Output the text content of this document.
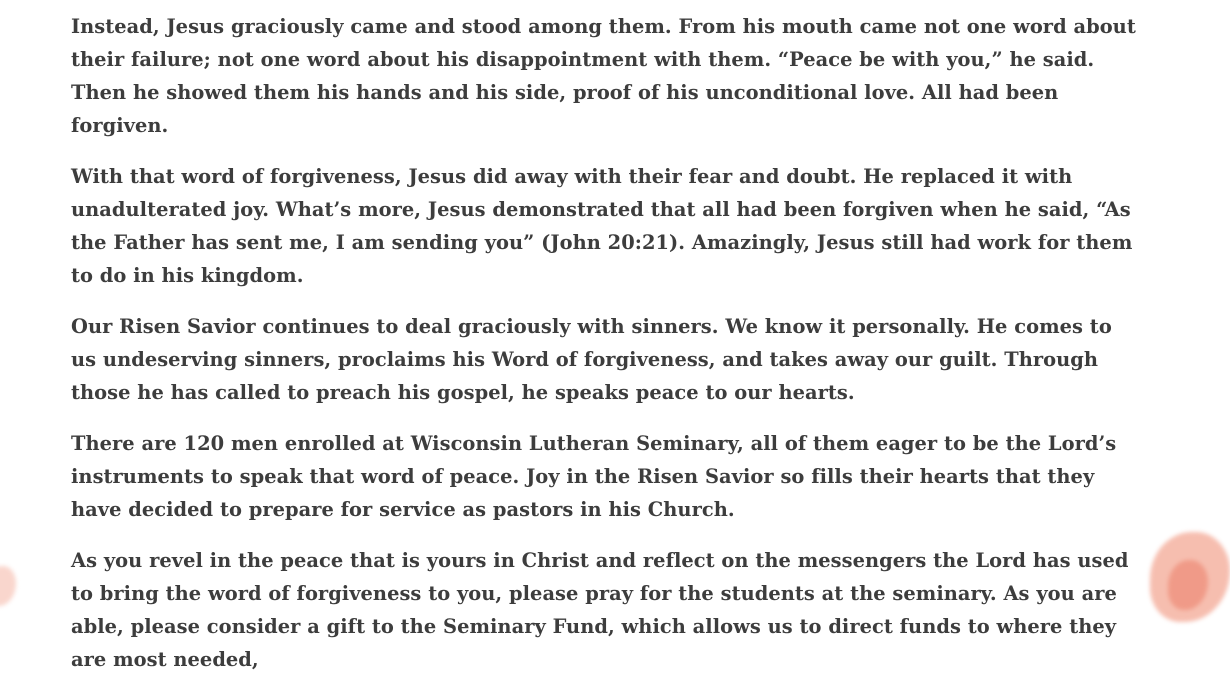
Instead, Jesus graciously came and stood among them. From his mouth came not one word about their failure; not one word about his disappointment with them. “Peace be with you,” he said. Then he showed them his hands and his side, proof of his unconditional love. All had been forgiven.

With that word of forgiveness, Jesus did away with their fear and doubt. He replaced it with unadulterated joy. What’s more, Jesus demonstrated that all had been forgiven when he said, “As the Father has sent me, I am sending you” (John 20:21). Amazingly, Jesus still had work for them to do in his kingdom.

Our Risen Savior continues to deal graciously with sinners. We know it personally. He comes to us undeserving sinners, proclaims his Word of forgiveness, and takes away our guilt. Through those he has called to preach his gospel, he speaks peace to our hearts.

There are 120 men enrolled at Wisconsin Lutheran Seminary, all of them eager to be the Lord’s instruments to speak that word of peace. Joy in the Risen Savior so fills their hearts that they have decided to prepare for service as pastors in his Church.

As you revel in the peace that is yours in Christ and reflect on the messengers the Lord has used to bring the word of forgiveness to you, please pray for the students at the seminary. As you are able, please consider a gift to the Seminary Fund, which allows us to direct funds to where they are most needed,
